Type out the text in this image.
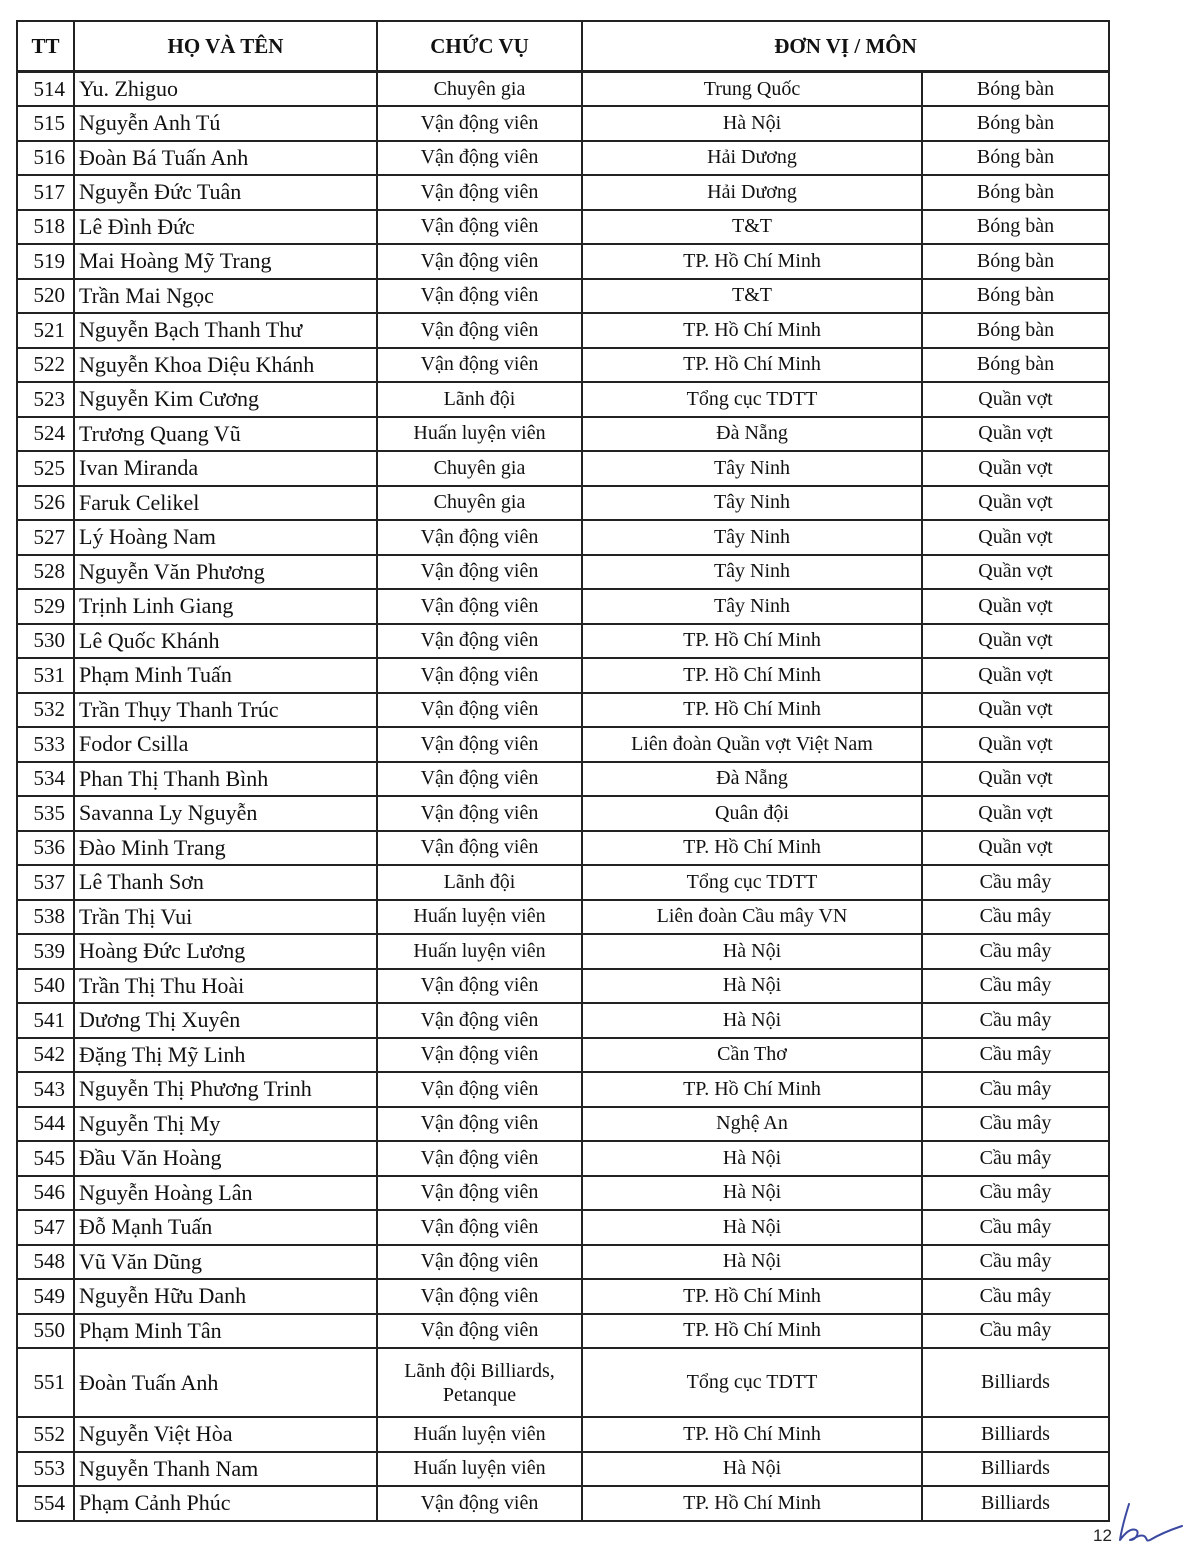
TT	HỌ VÀ TÊN	CHỨC VỤ	ĐƠN VỊ / MÔN	
514	Yu. Zhiguo	Chuyên gia	Trung Quốc	Bóng bàn
515	Nguyễn Anh Tú	Vận động viên	Hà Nội	Bóng bàn
516	Đoàn Bá Tuấn Anh	Vận động viên	Hải Dương	Bóng bàn
517	Nguyễn Đức Tuân	Vận động viên	Hải Dương	Bóng bàn
518	Lê Đình Đức	Vận động viên	T&T	Bóng bàn
519	Mai Hoàng Mỹ Trang	Vận động viên	TP. Hồ Chí Minh	Bóng bàn
520	Trần Mai Ngọc	Vận động viên	T&T	Bóng bàn
521	Nguyễn Bạch Thanh Thư	Vận động viên	TP. Hồ Chí Minh	Bóng bàn
522	Nguyễn Khoa Diệu Khánh	Vận động viên	TP. Hồ Chí Minh	Bóng bàn
523	Nguyễn Kim Cương	Lãnh đội	Tổng cục TDTT	Quần vợt
524	Trương Quang Vũ	Huấn luyện viên	Đà Nẵng	Quần vợt
525	Ivan Miranda	Chuyên gia	Tây Ninh	Quần vợt
526	Faruk Celikel	Chuyên gia	Tây Ninh	Quần vợt
527	Lý Hoàng Nam	Vận động viên	Tây Ninh	Quần vợt
528	Nguyễn Văn Phương	Vận động viên	Tây Ninh	Quần vợt
529	Trịnh Linh Giang	Vận động viên	Tây Ninh	Quần vợt
530	Lê Quốc Khánh	Vận động viên	TP. Hồ Chí Minh	Quần vợt
531	Phạm Minh Tuấn	Vận động viên	TP. Hồ Chí Minh	Quần vợt
532	Trần Thụy Thanh Trúc	Vận động viên	TP. Hồ Chí Minh	Quần vợt
533	Fodor Csilla	Vận động viên	Liên đoàn Quần vợt Việt Nam	Quần vợt
534	Phan Thị Thanh Bình	Vận động viên	Đà Nẵng	Quần vợt
535	Savanna Ly Nguyễn	Vận động viên	Quân đội	Quần vợt
536	Đào Minh Trang	Vận động viên	TP. Hồ Chí Minh	Quần vợt
537	Lê Thanh Sơn	Lãnh đội	Tổng cục TDTT	Cầu mây
538	Trần Thị Vui	Huấn luyện viên	Liên đoàn Cầu mây VN	Cầu mây
539	Hoàng Đức Lương	Huấn luyện viên	Hà Nội	Cầu mây
540	Trần Thị Thu Hoài	Vận động viên	Hà Nội	Cầu mây
541	Dương Thị Xuyên	Vận động viên	Hà Nội	Cầu mây
542	Đặng Thị Mỹ Linh	Vận động viên	Cần Thơ	Cầu mây
543	Nguyễn Thị Phương Trinh	Vận động viên	TP. Hồ Chí Minh	Cầu mây
544	Nguyễn Thị My	Vận động viên	Nghệ An	Cầu mây
545	Đầu Văn Hoàng	Vận động viên	Hà Nội	Cầu mây
546	Nguyễn Hoàng Lân	Vận động viên	Hà Nội	Cầu mây
547	Đỗ Mạnh Tuấn	Vận động viên	Hà Nội	Cầu mây
548	Vũ Văn Dũng	Vận động viên	Hà Nội	Cầu mây
549	Nguyễn Hữu Danh	Vận động viên	TP. Hồ Chí Minh	Cầu mây
550	Phạm Minh Tân	Vận động viên	TP. Hồ Chí Minh	Cầu mây
551	Đoàn Tuấn Anh	Lãnh đội Billiards, Petanque	Tổng cục TDTT	Billiards
552	Nguyễn Việt Hòa	Huấn luyện viên	TP. Hồ Chí Minh	Billiards
553	Nguyễn Thanh Nam	Huấn luyện viên	Hà Nội	Billiards
554	Phạm Cảnh Phúc	Vận động viên	TP. Hồ Chí Minh	Billiards
12
